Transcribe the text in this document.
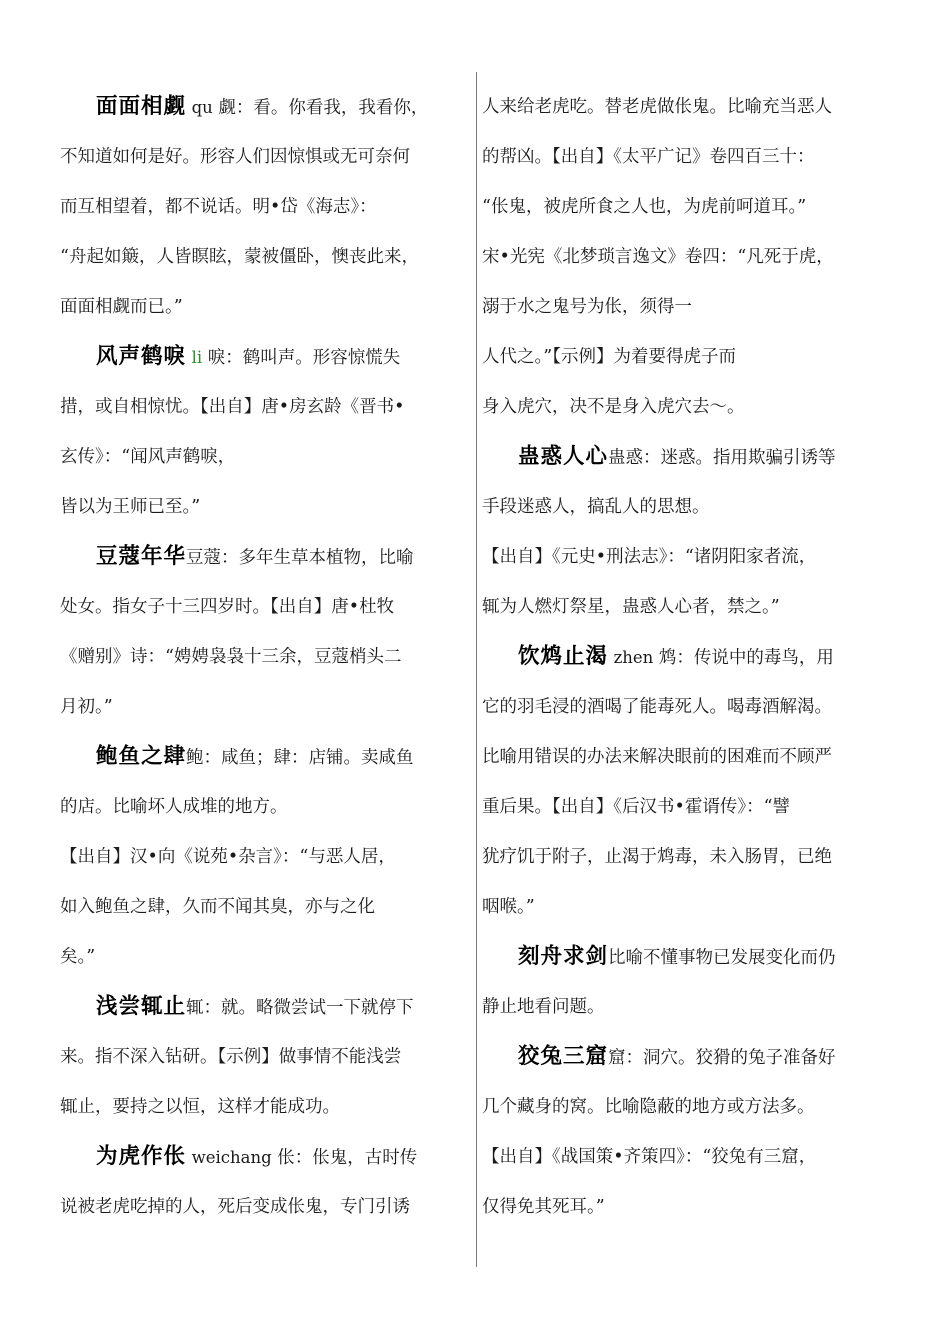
面面相觑 qu 觑：看。你看我，我看你，
不知道如何是好。形容人们因惊惧或无可奈何
而互相望着，都不说话。明•岱《海志》：
“舟起如簸，人皆瞑眩，蒙被僵卧，懊丧此来，
面面相觑而已。”
风声鹤唳 li 唳：鹤叫声。形容惊慌失
措，或自相惊忧。【出自】唐•房玄龄《晋书•
玄传》：“闻风声鹤唳，
皆以为王师已至。”
豆蔻年华豆蔻：多年生草本植物，比喻
处女。指女子十三四岁时。【出自】唐•杜牧
《赠别》诗：“娉娉袅袅十三余，豆蔻梢头二
月初。”
鲍鱼之肆鲍：咸鱼；肆：店铺。卖咸鱼
的店。比喻坏人成堆的地方。
【出自】汉•向《说苑•杂言》：“与恶人居，
如入鲍鱼之肆，久而不闻其臭，亦与之化
矣。”
浅尝辄止辄：就。略微尝试一下就停下
来。指不深入钻研。【示例】做事情不能浅尝
辄止，要持之以恒，这样才能成功。
为虎作伥 weichang 伥：伥鬼，古时传
说被老虎吃掉的人，死后变成伥鬼，专门引诱
人来给老虎吃。替老虎做伥鬼。比喻充当恶人
的帮凶。【出自】《太平广记》卷四百三十：
“伥鬼，被虎所食之人也，为虎前呵道耳。”
宋•光宪《北梦琐言逸文》卷四：“凡死于虎，
溺于水之鬼号为伥，须得一
人代之。”【示例】为着要得虎子而
身入虎穴，决不是身入虎穴去〜。
蛊惑人心蛊惑：迷惑。指用欺骗引诱等
手段迷惑人，搞乱人的思想。
【出自】《元史•刑法志》：“诸阴阳家者流，
辄为人燃灯祭星，蛊惑人心者，禁之。”
饮鸩止渴 zhen 鸩：传说中的毒鸟，用
它的羽毛浸的酒喝了能毒死人。喝毒酒解渴。
比喻用错误的办法来解决眼前的困难而不顾严
重后果。【出自】《后汉书•霍谞传》：“譬
犹疗饥于附子，止渴于鸩毒，未入肠胃，已绝
咽喉。”
刻舟求剑比喻不懂事物已发展变化而仍
静止地看问题。
狡兔三窟窟：洞穴。狡猾的兔子准备好
几个藏身的窝。比喻隐蔽的地方或方法多。
【出自】《战国策•齐策四》：“狡兔有三窟，
仅得免其死耳。”
